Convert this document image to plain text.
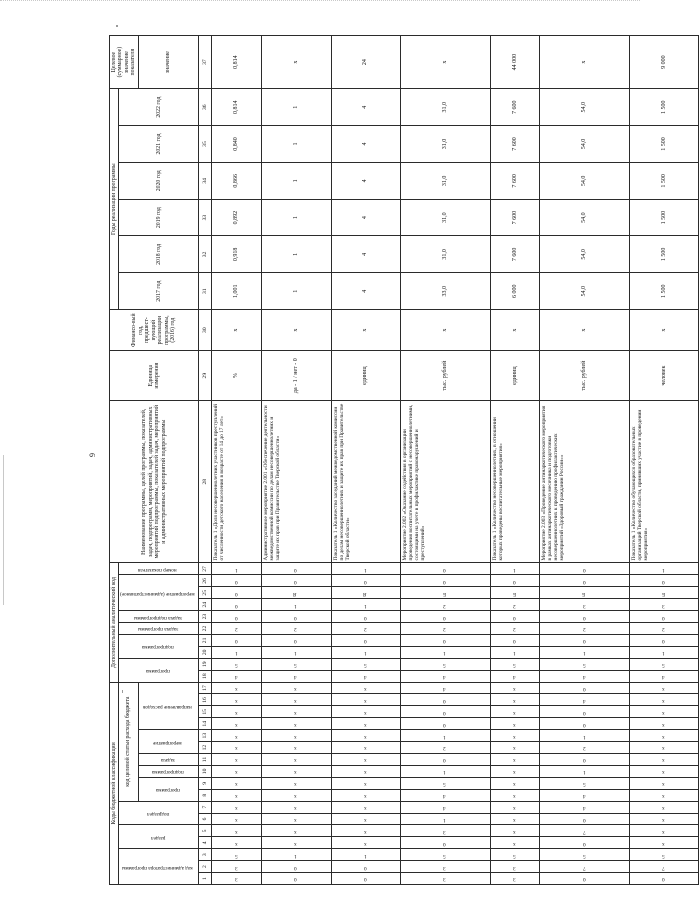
9
Коды бюджетной классификации																	Дополнительный аналитический код										Наименование программы, целей программы, показателей, задач, подпрограмм, мероприятий, задач, административных мероприятий подпрограммы, показателей задач, мероприятий и административных мероприятий подпрограммы	Единица измерения	Финансо-вый год, предшест-вующий реализации программы, (2016) год	Годы реализации программы						Целевое (суммарное) значение показателя
код администратора программы			раздел		подраздел		код целевой статьи расхода бюджета										программа		подпрограмма		задача программы	задача подпрограммы	мероприятие (административное)			номер показателя				2017 год	2018 год	2019 год	2020 год	2021 год	2022 год	
							программа		подпрограмма	задача	мероприятие		направление расходов																							значение

1	2	3	4	5	6	7	8	9	10	11	12	13	14	15	16	17	18	19	20	21	22	23	24	25	26	27	28	29	30	31	32	33	34	35	36	37
3	3	5	х	х	х	х	х	х	х	х	х	х	х	х	х	х	4	5	1	0	2	0	0	0	0	1	Показатель 1 «Доля несовершеннолетних участников преступлений от численности детского населения в возрасте от 14 до 17 лет»	%	х	1,001	0,918	0,892	0,866	0,840	0,814	0,814
0	0	1	х	х	х	х	х	х	х	х	х	х	х	х	х	х	4	5	1	0	2	0	1	Я	0	0	Административное мероприятие 2.001 «Обеспечение деятельности межведомственной комиссии по делам несовершеннолетних и защите их прав при Правительстве Тверской области»	да - 1 / нет - 0	х	1	1	1	1	1	1	х
0	0	1	х	х	х	х	х	х	х	х	х	х	х	х	х	х	4	5	1	0	2	0	1	Я	0	1	Показатель 1 «Количество заседаний межведомственной комиссии по делам несовершеннолетних и защите их прав при Правительстве Тверской области»	единиц	х	4	4	4	4	4	4	24
3	3	5	0	3	1	4	4	5	1	0	2	1	0	0	0	4	4	5	1	0	2	0	2	Б	0	0	Мероприятие 2.002 «Оказание содействия в организации проведения воспитательных мероприятий с несовершеннолетними, состоящими на учете в профилактике правонарушений и преступлений»	тыс. рублей	х	33,0	31,0	31,0	31,0	31,0	31,0	х
3	3	5	х	х	х	х	х	х	х	х	х	х	х	х	х	х	4	5	1	0	2	0	2	Б	0	1	Показатель 1 «Количество несовершеннолетних, в отношении которых проведены воспитательные мероприятия»	единиц	х	6 000	7 600	7 600	7 600	7 600	7 600	44 000
0	7	5	0	7	0	4	4	5	1	0	2	1	0	0	4	0	4	5	1	0	2	0	3	Б	0	0	Мероприятие 2.003 «Проведение антинаркотического мероприятия в рамках антинаркотического месячника и подготовки несовершеннолетних к проведению профилактических мероприятий «Здоровый гражданин России»»	тыс. рублей	х	54,0	54,0	54,0	54,0	54,0	54,0	х
0	7	5	х	х	х	х	х	х	х	х	х	х	х	х	х	х	4	5	1	0	2	0	3	Б	0	1	Показатель 1 «Количество обучающихся образовательных организаций Тверской области, принявших участие в проведении мероприятия»	человек	х	1 500	1 500	1 500	1 500	1 500	1 500	9 000
